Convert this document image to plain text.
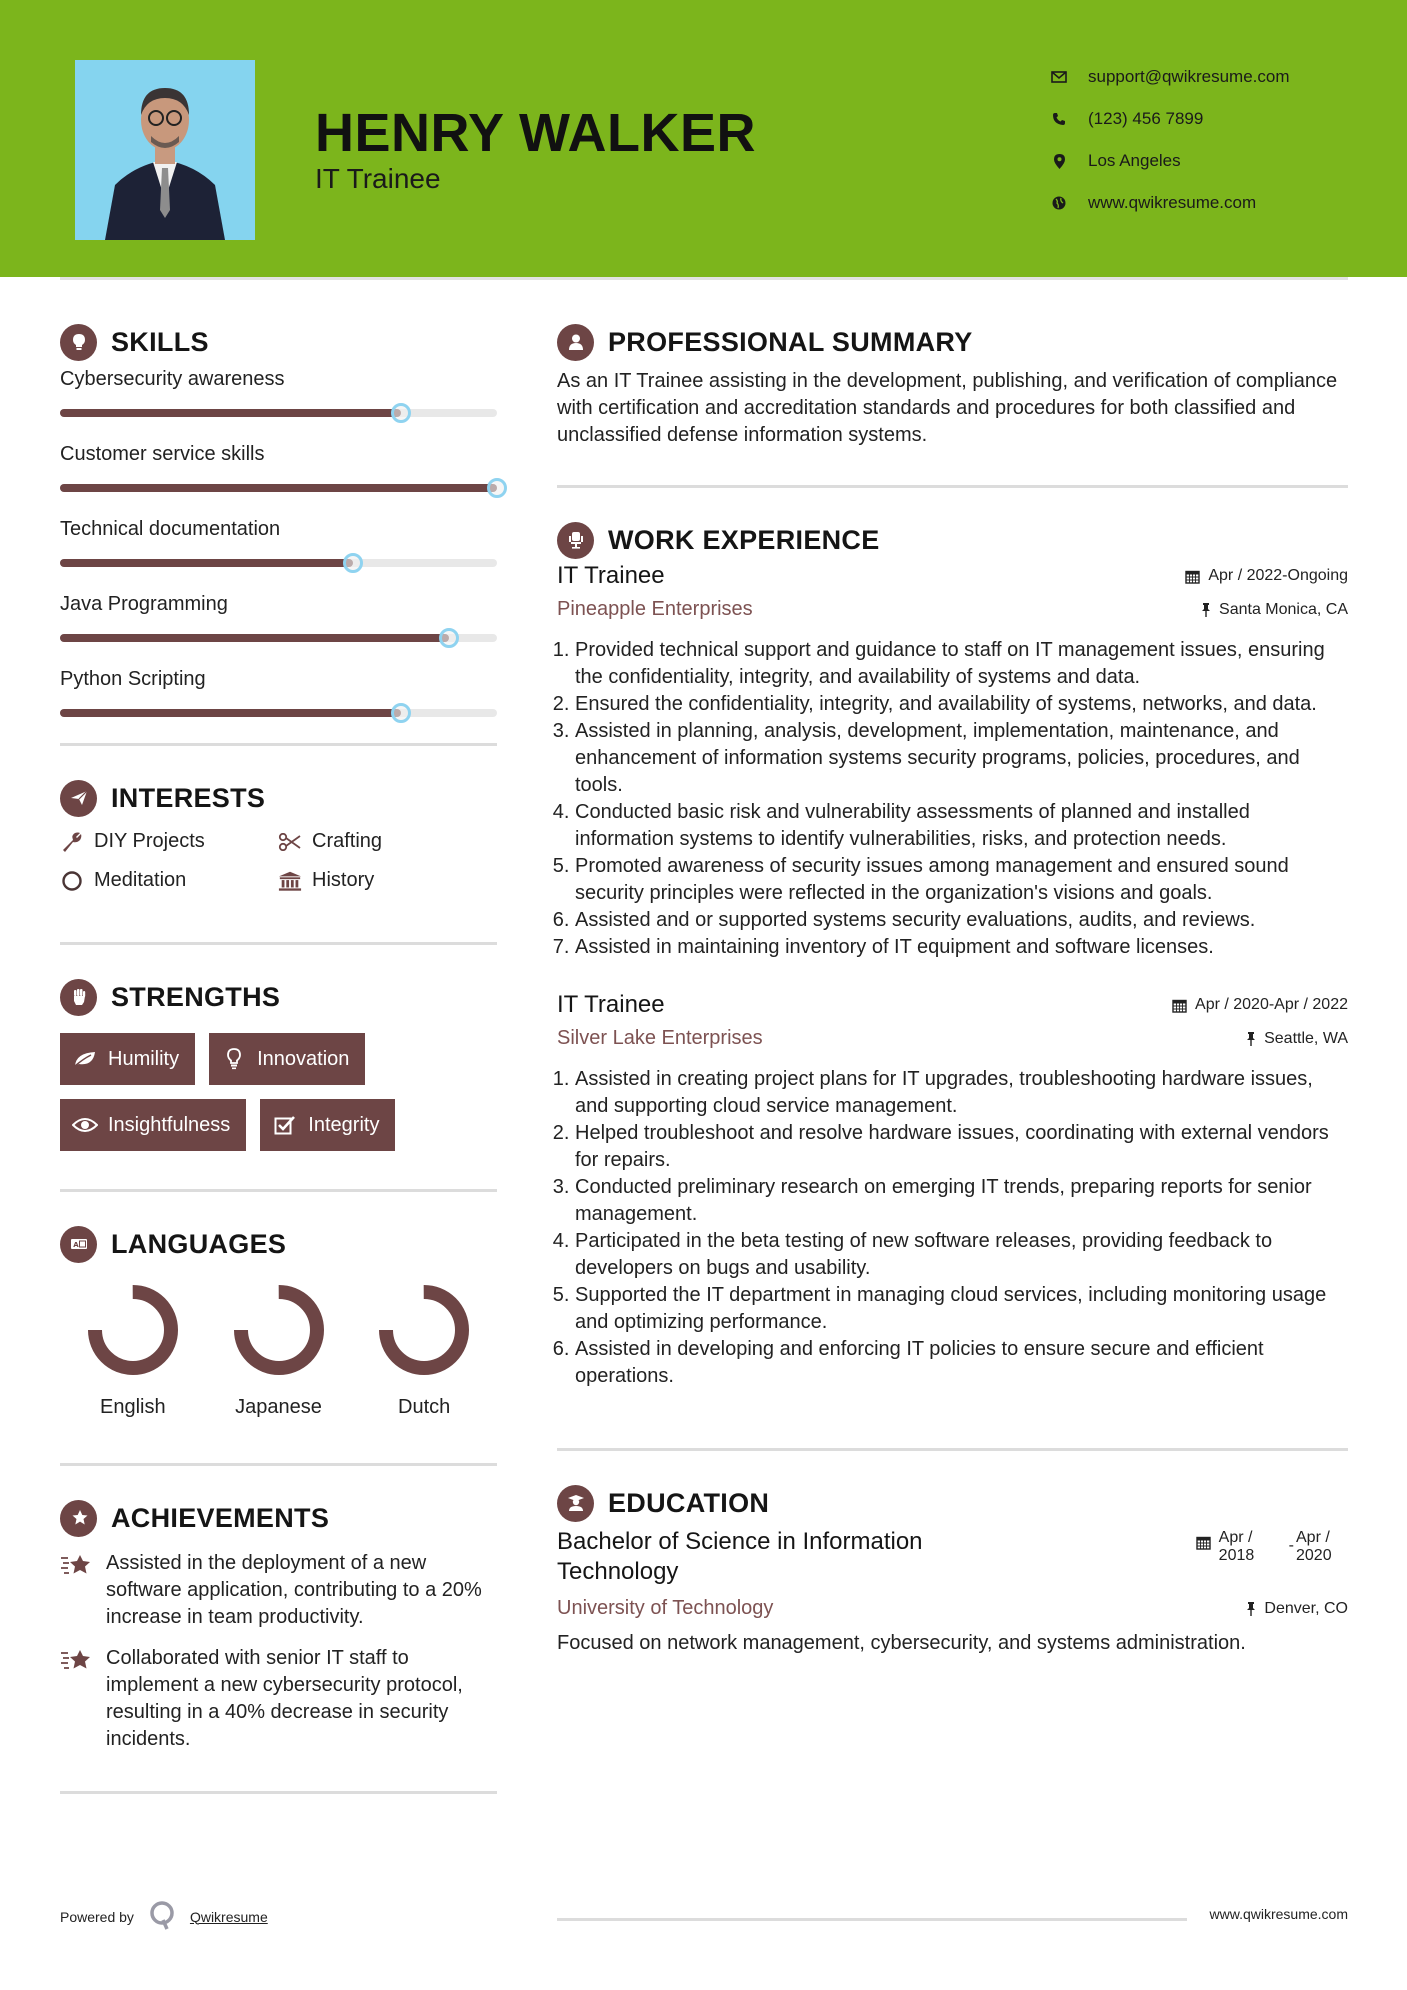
HENRY WALKER
IT Trainee
support@qwikresume.com
(123) 456 7899
Los Angeles
www.qwikresume.com
SKILLS
Cybersecurity awareness
Customer service skills
Technical documentation
Java Programming
Python Scripting
INTERESTS
DIY Projects	Crafting
Meditation	History
STRENGTHS
Humility	Innovation
Insightfulness	Integrity
A LANGUAGES
English	Japanese	Dutch
ACHIEVEMENTS
Assisted in the deployment of a new software application, contributing to a 20% increase in team productivity.
Collaborated with senior IT staff to implement a new cybersecurity protocol, resulting in a 40% decrease in security incidents.
PROFESSIONAL SUMMARY

As an IT Trainee assisting in the development, publishing, and verification of compliance with certification and accreditation standards and procedures for both classified and unclassified defense information systems.

WORK EXPERIENCE
IT Trainee	Apr / 2022-Ongoing
Pineapple Enterprises	Santa Monica, CA
1. Provided technical support and guidance to staff on IT management issues, ensuring the confidentiality, integrity, and availability of systems and data.
2. Ensured the confidentiality, integrity, and availability of systems, networks, and data.
3. Assisted in planning, analysis, development, implementation, maintenance, and enhancement of information systems security programs, policies, procedures, and tools.
4. Conducted basic risk and vulnerability assessments of planned and installed information systems to identify vulnerabilities, risks, and protection needs.
5. Promoted awareness of security issues among management and ensured sound security principles were reflected in the organization's visions and goals.
6. Assisted and or supported systems security evaluations, audits, and reviews.
7. Assisted in maintaining inventory of IT equipment and software licenses.
IT Trainee	Apr / 2020-Apr / 2022
Silver Lake Enterprises	Seattle, WA
1. Assisted in creating project plans for IT upgrades, troubleshooting hardware issues, and supporting cloud service management.
2. Helped troubleshoot and resolve hardware issues, coordinating with external vendors for repairs.
3. Conducted preliminary research on emerging IT trends, preparing reports for senior management.
4. Participated in the beta testing of new software releases, providing feedback to developers on bugs and usability.
5. Supported the IT department in managing cloud services, including monitoring usage and optimizing performance.
6. Assisted in developing and enforcing IT policies to ensure secure and efficient operations.
EDUCATION
Bachelor of Science in Information Technology
Apr / 2018
- Apr / 2020
University of Technology	Denver, CO

Focused on network management, cybersecurity, and systems administration.

Powered by	Qwikresume	www.qwikresume.com
